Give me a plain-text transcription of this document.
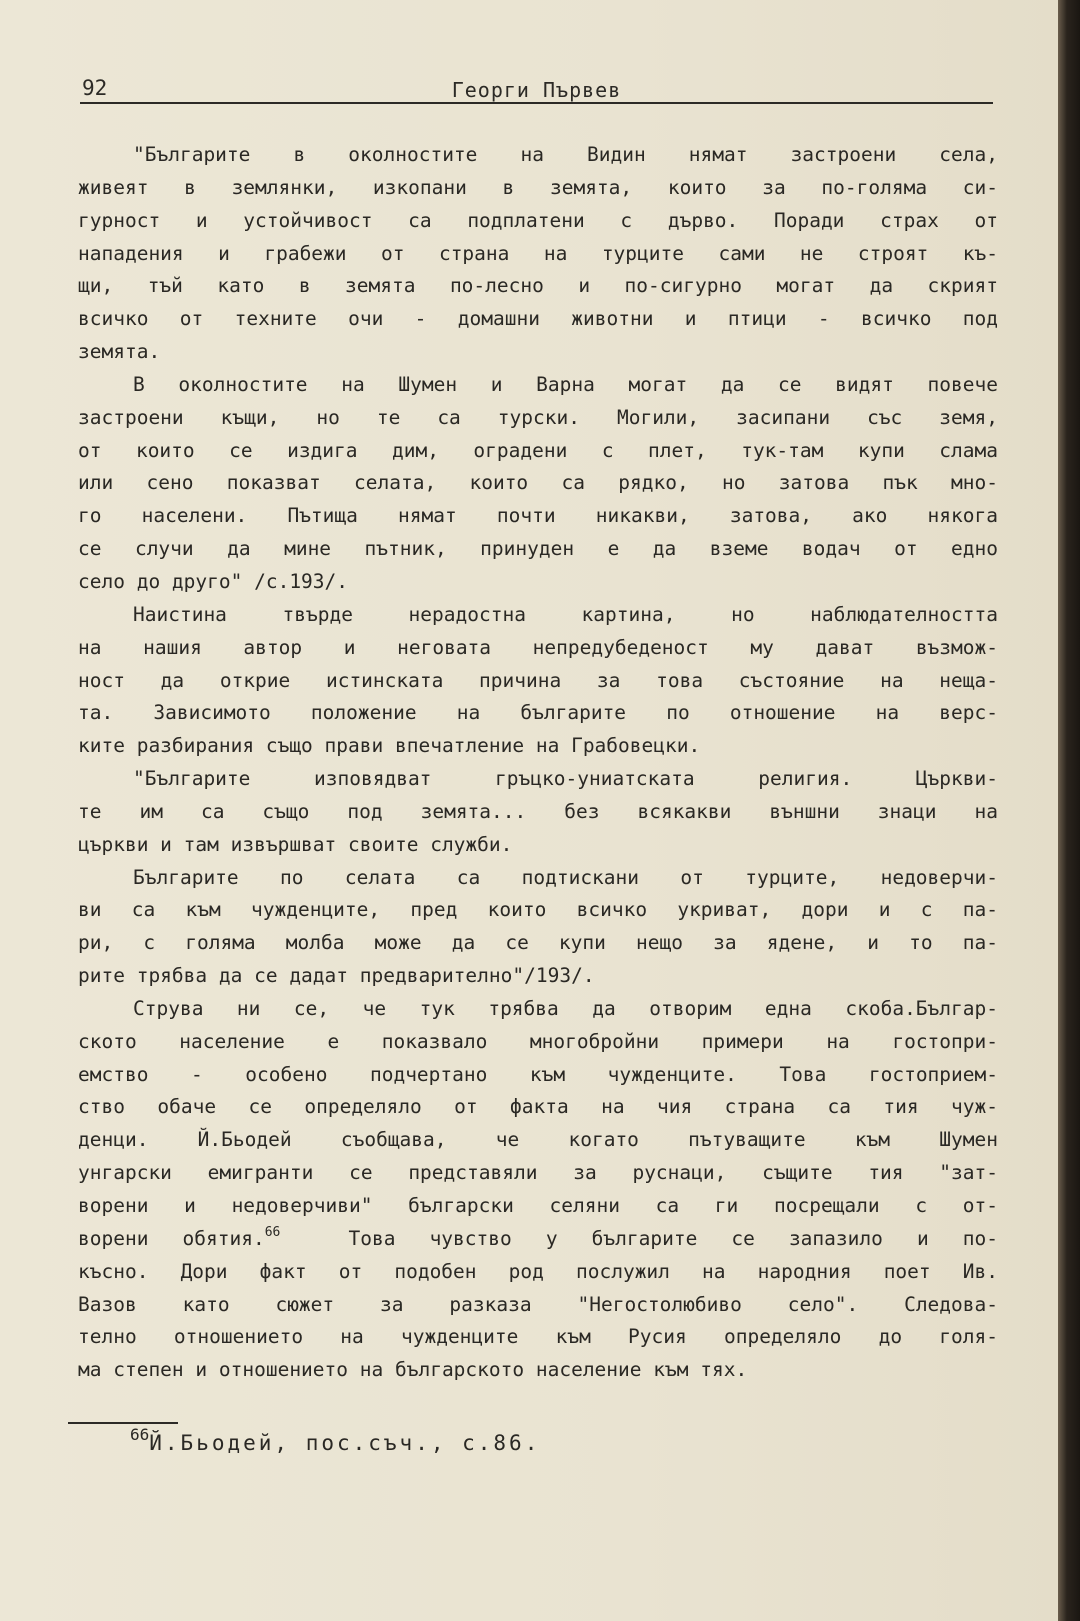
92	Георги Първев
"Българите в околностите на Видин нямат застроени села,
живеят в землянки, изкопани в земята, които за по-голяма си-
гурност и устойчивост са подплатени с дърво. Поради страх от
нападения и грабежи от страна на турците сами не строят къ-
щи, тъй като в земята по-лесно и по-сигурно могат да скрият
всичко от техните очи - домашни животни и птици - всичко под
земята.
В околностите на Шумен и Варна могат да се видят повече
застроени къщи, но те са турски. Могили, засипани със земя,
от които се издига дим, оградени с плет, тук-там купи слама
или сено показват селата, които са рядко, но затова пък мно-
го населени. Пътища нямат почти никакви, затова, ако някога
се случи да мине пътник, принуден е да вземе водач от едно
село до друго" /с.193/.
Наистина твърде нерадостна картина, но наблюдателността
на нашия автор и неговата непредубеденост му дават възмож-
ност да открие истинската причина за това състояние на неща-
та. Зависимото положение на българите по отношение на верс-
ките разбирания също прави впечатление на Грабовецки.
"Българите изповядват гръцко-униатската религия. Църкви-
те им са също под земята... без всякакви външни знаци на
църкви и там извършват своите служби.
Българите по селата са подтискани от турците, недоверчи-
ви са към чужденците, пред които всичко укриват, дори и с па-
ри, с голяма молба може да се купи нещо за ядене, и то па-
рите трябва да се дадат предварително"/193/.
Струва ни се, че тук трябва да отворим една скоба.Българ-
ското население е показвало многобройни примери на гостопри-
емство - особено подчертано към чужденците. Това гостоприем-
ство обаче се определяло от факта на чия страна са тия чуж-
денци. Й.Бьодей съобщава, че когато пътуващите към Шумен
унгарски емигранти се представяли за руснаци, същите тия "зат-
ворени и недоверчиви" български селяни са ги посрещали с от-
ворени обятия.$^{66}$	Това чувство у българите се запазило и по-
късно. Дори факт от подобен род послужил на народния поет Ив.
Вазов като сюжет за разказа "Негостолюбиво село". Следова-
телно отношението на чужденците към Русия определяло до голя-
ма степен и отношението на българското население към тях.
$^{66}$Й.Бьодей, пос.съч., с.86.
